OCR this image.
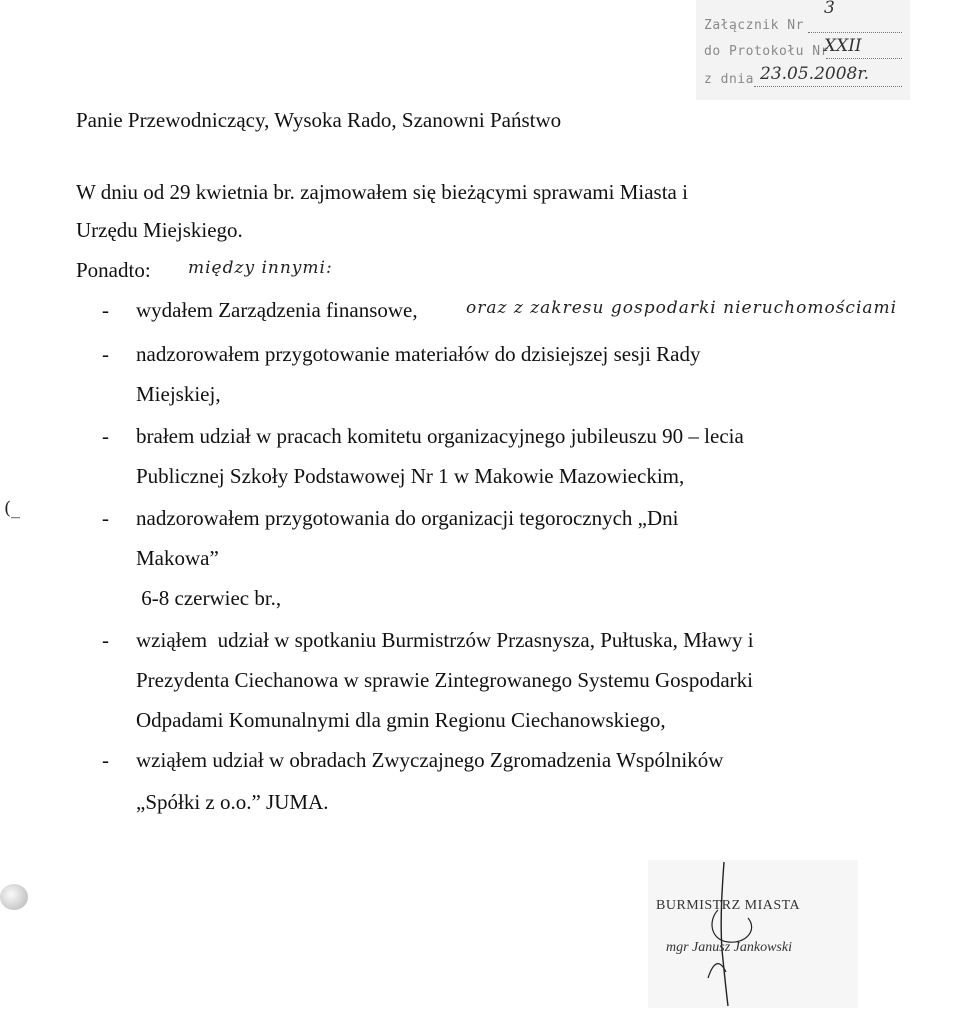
Załącznik Nr
3
do Protokołu Nr
XXII
z dnia 23.05.2008r.
Panie Przewodniczący, Wysoka Rado, Szanowni Państwo
W dniu od 29 kwietnia br. zajmowałem się bieżącymi sprawami Miasta i
Urzędu Miejskiego.
Ponadto: między innymi:
- wydałem Zarządzenia finansowe,	oraz z zakresu gospodarki nieruchomościami
- nadzorowałem przygotowanie materiałów do dzisiejszej sesji Rady
Miejskiej,
- brałem udział w pracach komitetu organizacyjnego jubileuszu 90 – lecia
Publicznej Szkoły Podstawowej Nr 1 w Makowie Mazowieckim,
(_	- nadzorowałem przygotowania do organizacji tegorocznych „Dni
Makowa”
6-8 czerwiec br.,
- wziąłem  udział w spotkaniu Burmistrzów Przasnysza, Pułtuska, Mławy i
Prezydenta Ciechanowa w sprawie Zintegrowanego Systemu Gospodarki
Odpadami Komunalnymi dla gmin Regionu Ciechanowskiego,
- wziąłem udział w obradach Zwyczajnego Zgromadzenia Wspólników
„Spółki z o.o.” JUMA.
BURMISTRZ MIASTA
mgr Janusz Jankowski
